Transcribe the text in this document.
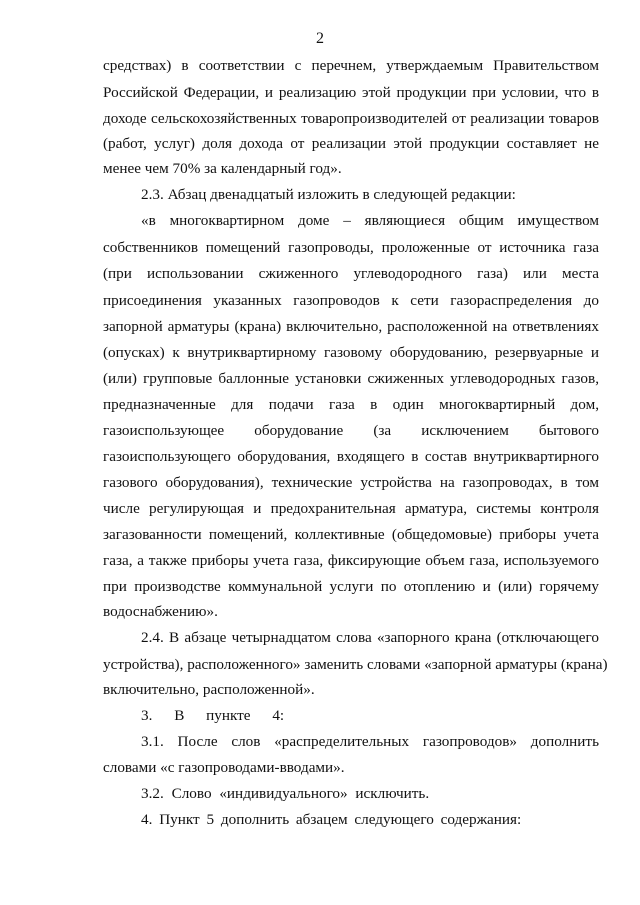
2
средствах) в соответствии с перечнем, утверждаемым Правительством
Российской Федерации, и реализацию этой продукции при условии, что в
доходе сельскохозяйственных товаропроизводителей от реализации товаров
(работ, услуг) доля дохода от реализации этой продукции составляет не
менее чем 70% за календарный год».
2.3. Абзац двенадцатый изложить в следующей редакции:
«в многоквартирном доме – являющиеся общим имуществом
собственников помещений газопроводы, проложенные от источника газа
(при использовании сжиженного углеводородного газа) или места
присоединения указанных газопроводов к сети газораспределения до
запорной арматуры (крана) включительно, расположенной на ответвлениях
(опусках) к внутриквартирному газовому оборудованию, резервуарные и
(или) групповые баллонные установки сжиженных углеводородных газов,
предназначенные для подачи газа в один многоквартирный дом,
газоиспользующее оборудование (за исключением бытового
газоиспользующего оборудования, входящего в состав внутриквартирного
газового оборудования), технические устройства на газопроводах, в том
числе регулирующая и предохранительная арматура, системы контроля
загазованности помещений, коллективные (общедомовые) приборы учета
газа, а также приборы учета газа, фиксирующие объем газа, используемого
при производстве коммунальной услуги по отоплению и (или) горячему
водоснабжению».
2.4. В абзаце четырнадцатом слова «запорного крана (отключающего
устройства), расположенного» заменить словами «запорной арматуры (крана)
включительно, расположенной».
3. В пункте 4:
3.1. После слов «распределительных газопроводов» дополнить
словами «с газопроводами-вводами».
3.2. Слово «индивидуального» исключить.
4. Пункт 5 дополнить абзацем следующего содержания:
